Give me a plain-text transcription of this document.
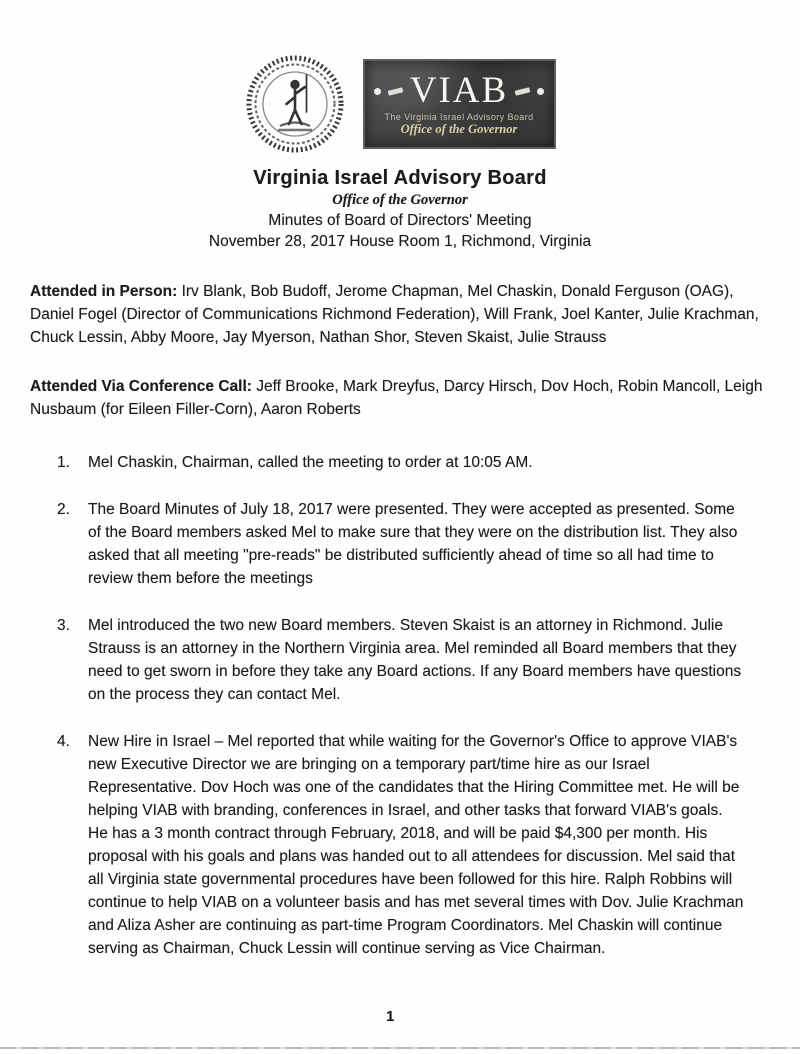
VIAB
The Virginia Israel Advisory Board
Office of the Governor
Virginia Israel Advisory Board
Office of the Governor
Minutes of Board of Directors' Meeting
November 28, 2017 House Room 1, Richmond, Virginia

Attended in Person: Irv Blank, Bob Budoff, Jerome Chapman, Mel Chaskin, Donald Ferguson (OAG), Daniel Fogel (Director of Communications Richmond Federation), Will Frank, Joel Kanter, Julie Krachman, Chuck Lessin, Abby Moore, Jay Myerson, Nathan Shor, Steven Skaist, Julie Strauss

Attended Via Conference Call: Jeff Brooke, Mark Dreyfus, Darcy Hirsch, Dov Hoch, Robin Mancoll, Leigh Nusbaum (for Eileen Filler-Corn), Aaron Roberts

1.	Mel Chaskin, Chairman, called the meeting to order at 10:05 AM.
2.	The Board Minutes of July 18, 2017 were presented. They were accepted as presented. Some of the Board members asked Mel to make sure that they were on the distribution list. They also asked that all meeting "pre-reads" be distributed sufficiently ahead of time so all had time to review them before the meetings
3.	Mel introduced the two new Board members. Steven Skaist is an attorney in Richmond. Julie Strauss is an attorney in the Northern Virginia area. Mel reminded all Board members that they need to get sworn in before they take any Board actions. If any Board members have questions on the process they can contact Mel.
4.	New Hire in Israel – Mel reported that while waiting for the Governor's Office to approve VIAB's new Executive Director we are bringing on a temporary part/time hire as our Israel Representative. Dov Hoch was one of the candidates that the Hiring Committee met. He will be helping VIAB with branding, conferences in Israel, and other tasks that forward VIAB's goals. He has a 3 month contract through February, 2018, and will be paid $4,300 per month. His proposal with his goals and plans was handed out to all attendees for discussion. Mel said that all Virginia state governmental procedures have been followed for this hire. Ralph Robbins will continue to help VIAB on a volunteer basis and has met several times with Dov. Julie Krachman and Aliza Asher are continuing as part-time Program Coordinators. Mel Chaskin will continue serving as Chairman, Chuck Lessin will continue serving as Vice Chairman.
1
